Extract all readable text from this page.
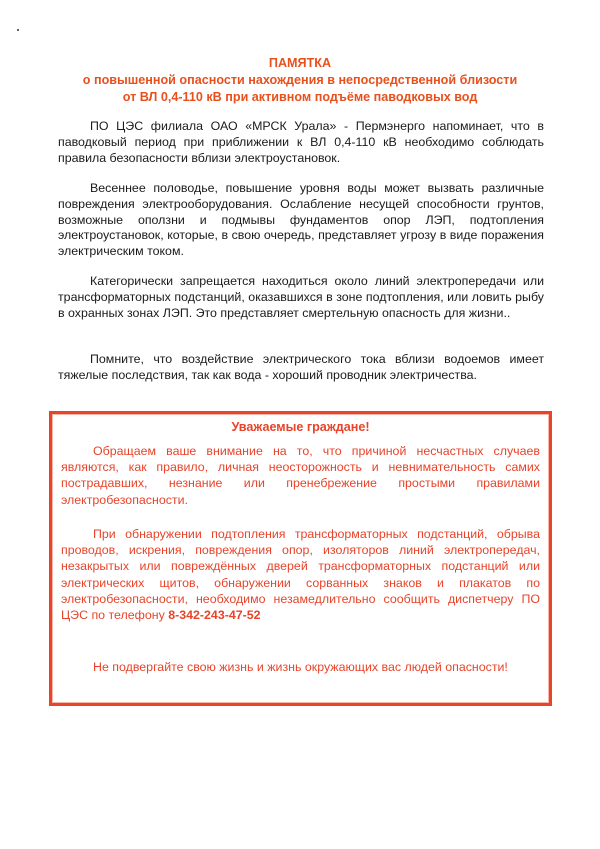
ПАМЯТКА
о повышенной опасности нахождения в непосредственной близости
от ВЛ 0,4-110 кВ при активном подъёме паводковых вод

ПО ЦЭС филиала ОАО «МРСК Урала» - Пермэнерго напоминает, что в паводковый период при приближении к ВЛ 0,4-110 кВ необходимо соблюдать правила безопасности вблизи электроустановок.

Весеннее половодье, повышение уровня воды может вызвать различные повреждения электрооборудования. Ослабление несущей способности грунтов, возможные оползни и подмывы фундаментов опор ЛЭП, подтопления электроустановок, которые, в свою очередь, представляет угрозу в виде поражения электрическим током.

Категорически запрещается находиться около линий электропередачи или трансформаторных подстанций, оказавшихся в зоне подтопления, или ловить рыбу в охранных зонах ЛЭП. Это представляет смертельную опасность для жизни..

Помните, что воздействие электрического тока вблизи водоемов имеет тяжелые последствия, так как вода - хороший проводник электричества.

Уважаемые граждане!

Обращаем ваше внимание на то, что причиной несчастных случаев являются, как правило, личная неосторожность и невнимательность самих пострадавших, незнание или пренебрежение простыми правилами электробезопасности.

При обнаружении подтопления трансформаторных подстанций, обрыва проводов, искрения, повреждения опор, изоляторов линий электропередач, незакрытых или повреждённых дверей трансформаторных подстанций или электрических щитов, обнаружении сорванных знаков и плакатов по электробезопасности, необходимо незамедлительно сообщить диспетчеру ПО ЦЭС по телефону 8-342-243-47-52

Не подвергайте свою жизнь и жизнь окружающих вас людей опасности!
